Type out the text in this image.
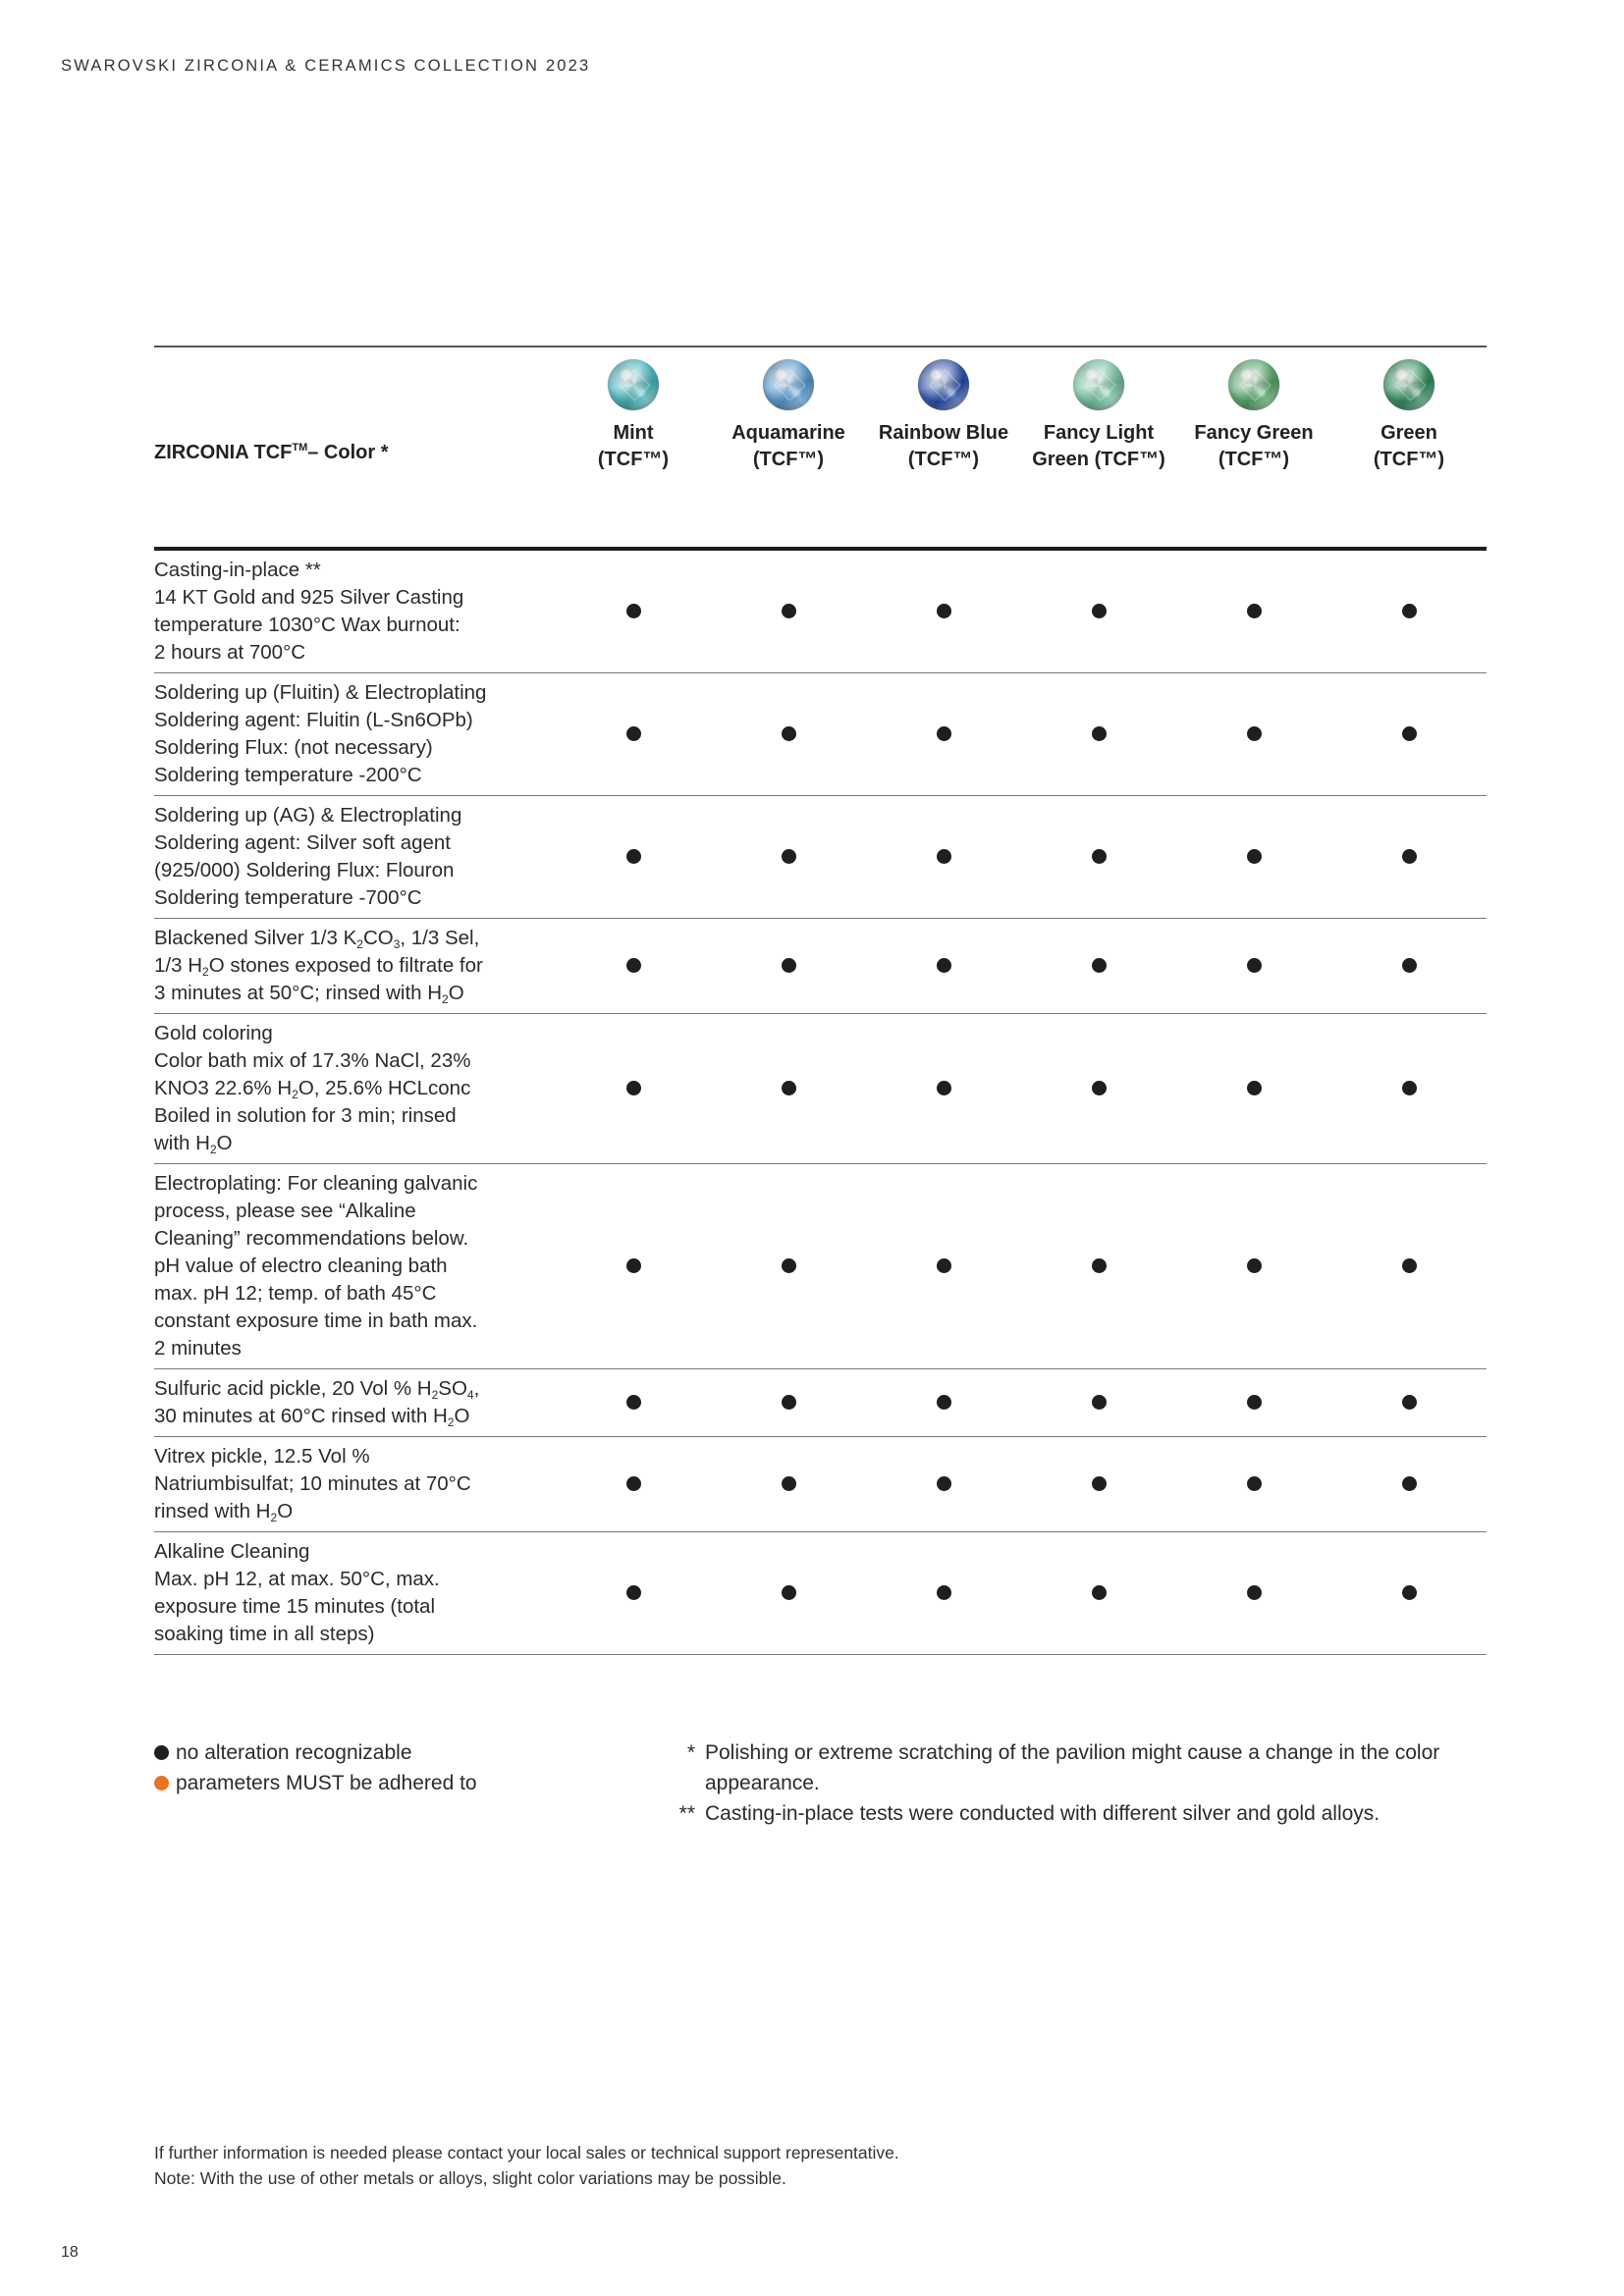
SWAROVSKI ZIRCONIA & CERAMICS COLLECTION 2023
ZIRCONIA TCF™ – Color *
Mint
(TCF™)
Aquamarine
(TCF™)
Rainbow Blue
(TCF™)
Fancy Light
Green (TCF™)
Fancy Green
(TCF™)
Green
(TCF™)
Casting-in-place **
14 KT Gold and 925 Silver Casting
temperature 1030°C Wax burnout:
2 hours at 700°C
Soldering up (Fluitin) & Electroplating
Soldering agent: Fluitin (L-Sn6OPb)
Soldering Flux: (not necessary)
Soldering temperature -200°C
Soldering up (AG) & Electroplating
Soldering agent: Silver soft agent
(925/000) Soldering Flux: Flouron
Soldering temperature -700°C
Blackened Silver 1/3 $K_2CO_3$, 1/3 Sel,
1/3 $H_2O$ stones exposed to filtrate for
3 minutes at 50°C; rinsed with $H_2O$
Gold coloring
Color bath mix of 17.3% NaCl, 23%
KNO3 22.6% $H_2O$, 25.6% HCLconc
Boiled in solution for 3 min; rinsed
with $H_2O$
Electroplating: For cleaning galvanic
process, please see “Alkaline
Cleaning” recommendations below.
pH value of electro cleaning bath
max. pH 12; temp. of bath 45°C
constant exposure time in bath max.
2 minutes
Sulfuric acid pickle, 20 Vol % $H_2SO_4$,
30 minutes at 60°C rinsed with $H_2O$
Vitrex pickle, 12.5 Vol %
Natriumbisulfat; 10 minutes at 70°C
rinsed with $H_2O$
Alkaline Cleaning
Max. pH 12, at max. 50°C, max.
exposure time 15 minutes (total
soaking time in all steps)
no alteration recognizable
parameters MUST be adhered to
* Polishing or extreme scratching of the pavilion might cause a change in the color appearance.
** Casting-in-place tests were conducted with different silver and gold alloys.
If further information is needed please contact your local sales or technical support representative.
Note: With the use of other metals or alloys, slight color variations may be possible.
18
